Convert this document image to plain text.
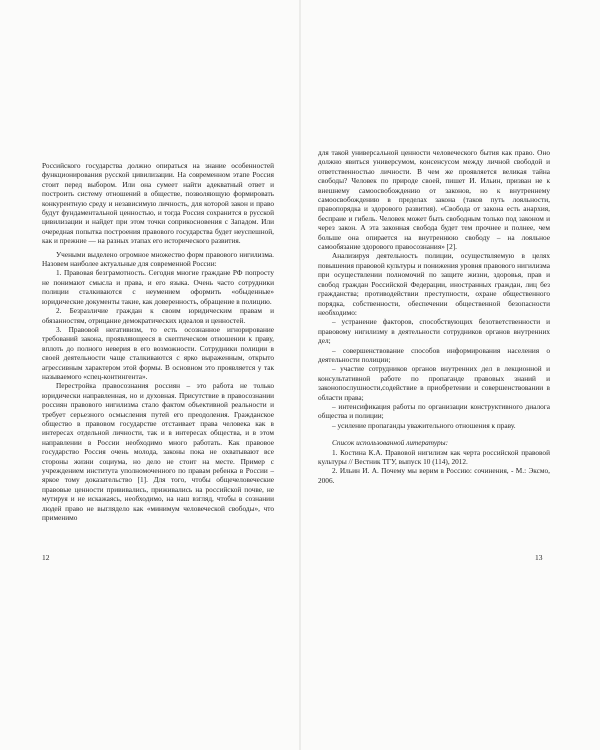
Российского государства должно опираться на знание особенностей функционирования русской цивилизации. На современном этапе Россия стоит перед выбором. Или она сумеет найти адекватный ответ и построить систему отношений в обществе, позволяющую формировать конкурентную среду и независимую личность, для которой закон и право будут фундаментальной ценностью, и тогда Россия сохранится в русской цивилизации и найдет при этом точки соприкосновения с Западом. Или очередная попытка построения правового государства будет неуспешной, как и прежние — на разных этапах его исторического развития.

Учеными выделено огромное множество форм правового нигилизма. Назовем наиболее актуальные для современной России:

1. Правовая безграмотность. Сегодня многие граждане РФ попросту не понимают смысла и права, и его языка. Очень часто сотрудники полиции сталкиваются с неумением оформить «обыденные» юридические документы такие, как доверенность, обращение в полицию.

2. Безразличие граждан к своим юридическим правам и обязанностям, отрицание демократических идеалов и ценностей.

3. Правовой негативизм, то есть осознанное игнорирование требований закона, проявляющееся в скептическом отношении к праву, вплоть до полного неверия в его возможности. Сотрудники полиции в своей деятельности чаще сталкиваются с ярко выраженным, открыто агрессивным характером этой формы. В основном это проявляется у так называемого «спец-контингента».

Перестройка правосознания россиян – это работа не только юридически направленная, но и духовная. Присутствие в правосознании россиян правового нигилизма стало фактом объективной реальности и требует серьезного осмысления путей его преодоления. Гражданское общество в правовом государстве отстаивает права человека как в интересах отдельной личности, так и в интересах общества, и в этом направлении в России необходимо много работать. Как правовое государство Россия очень молода, законы пока не охватывают все стороны жизни социума, но дело не стоит на месте. Пример с учреждением института уполномоченного по правам ребенка в России – яркое тому доказательство [1]. Для того, чтобы общечеловеческие правовые ценности прививались, приживались на российской почве, не мутируя и не искажаясь, необходимо, на наш взгляд, чтобы в сознании людей право не выглядело как «минимум человеческой свободы», что применимо

12

для такой универсальной ценности человеческого бытия как право. Оно должно явиться универсумом, консенсусом между личной свободой и ответственностью личности. В чем же проявляется великая тайна свободы? Человек по природе своей, пишет И. Ильин, призван не к внешнему самоосвобождению от законов, но к внутреннему самоосвобождению в пределах закона (таков путь лояльности, правопорядка и здорового развития). «Свобода от закона есть анархия, беспраие и гибель. Человек может быть свободным только под законом и через закон. А эта законная свобода будет тем прочнее и полнее, чем больше она опирается на внутреннюю свободу – на лояльное самообязание здорового правосознания» [2].

Анализируя деятельность полиции, осуществляемую в целях повышения правовой культуры и понижения уровня правового нигилизма при осуществлении полномочий по защите жизни, здоровья, прав и свобод граждан Российской Федерации, иностранных граждан, лиц без гражданства; противодействии преступности, охране общественного порядка, собственности, обеспечении общественной безопасности необходимо:

– устранение факторов, способствующих безответственности и правовому нигилизму в деятельности сотрудников органов внутренних дел;

– совершенствование способов информирования населения о деятельности полиции;

– участие сотрудников органов внутренних дел в лекционной и консультативной работе по пропаганде правовых знаний и законопослушности,содействие в приобретении и совершенствовании в области права;

– интенсификация работы по организации конструктивного диалога общества и полиции;

– усиление пропаганды уважительного отношения к праву.

Список использованной литературы:

1. Костина К.А. Правовой нигилизм как черта российской правовой культуры // Вестник ТГУ, выпуск 10 (114), 2012.

2. Ильин И. А. Почему мы верим в Россию: сочинения, - М.: Эксмо, 2006.

13
